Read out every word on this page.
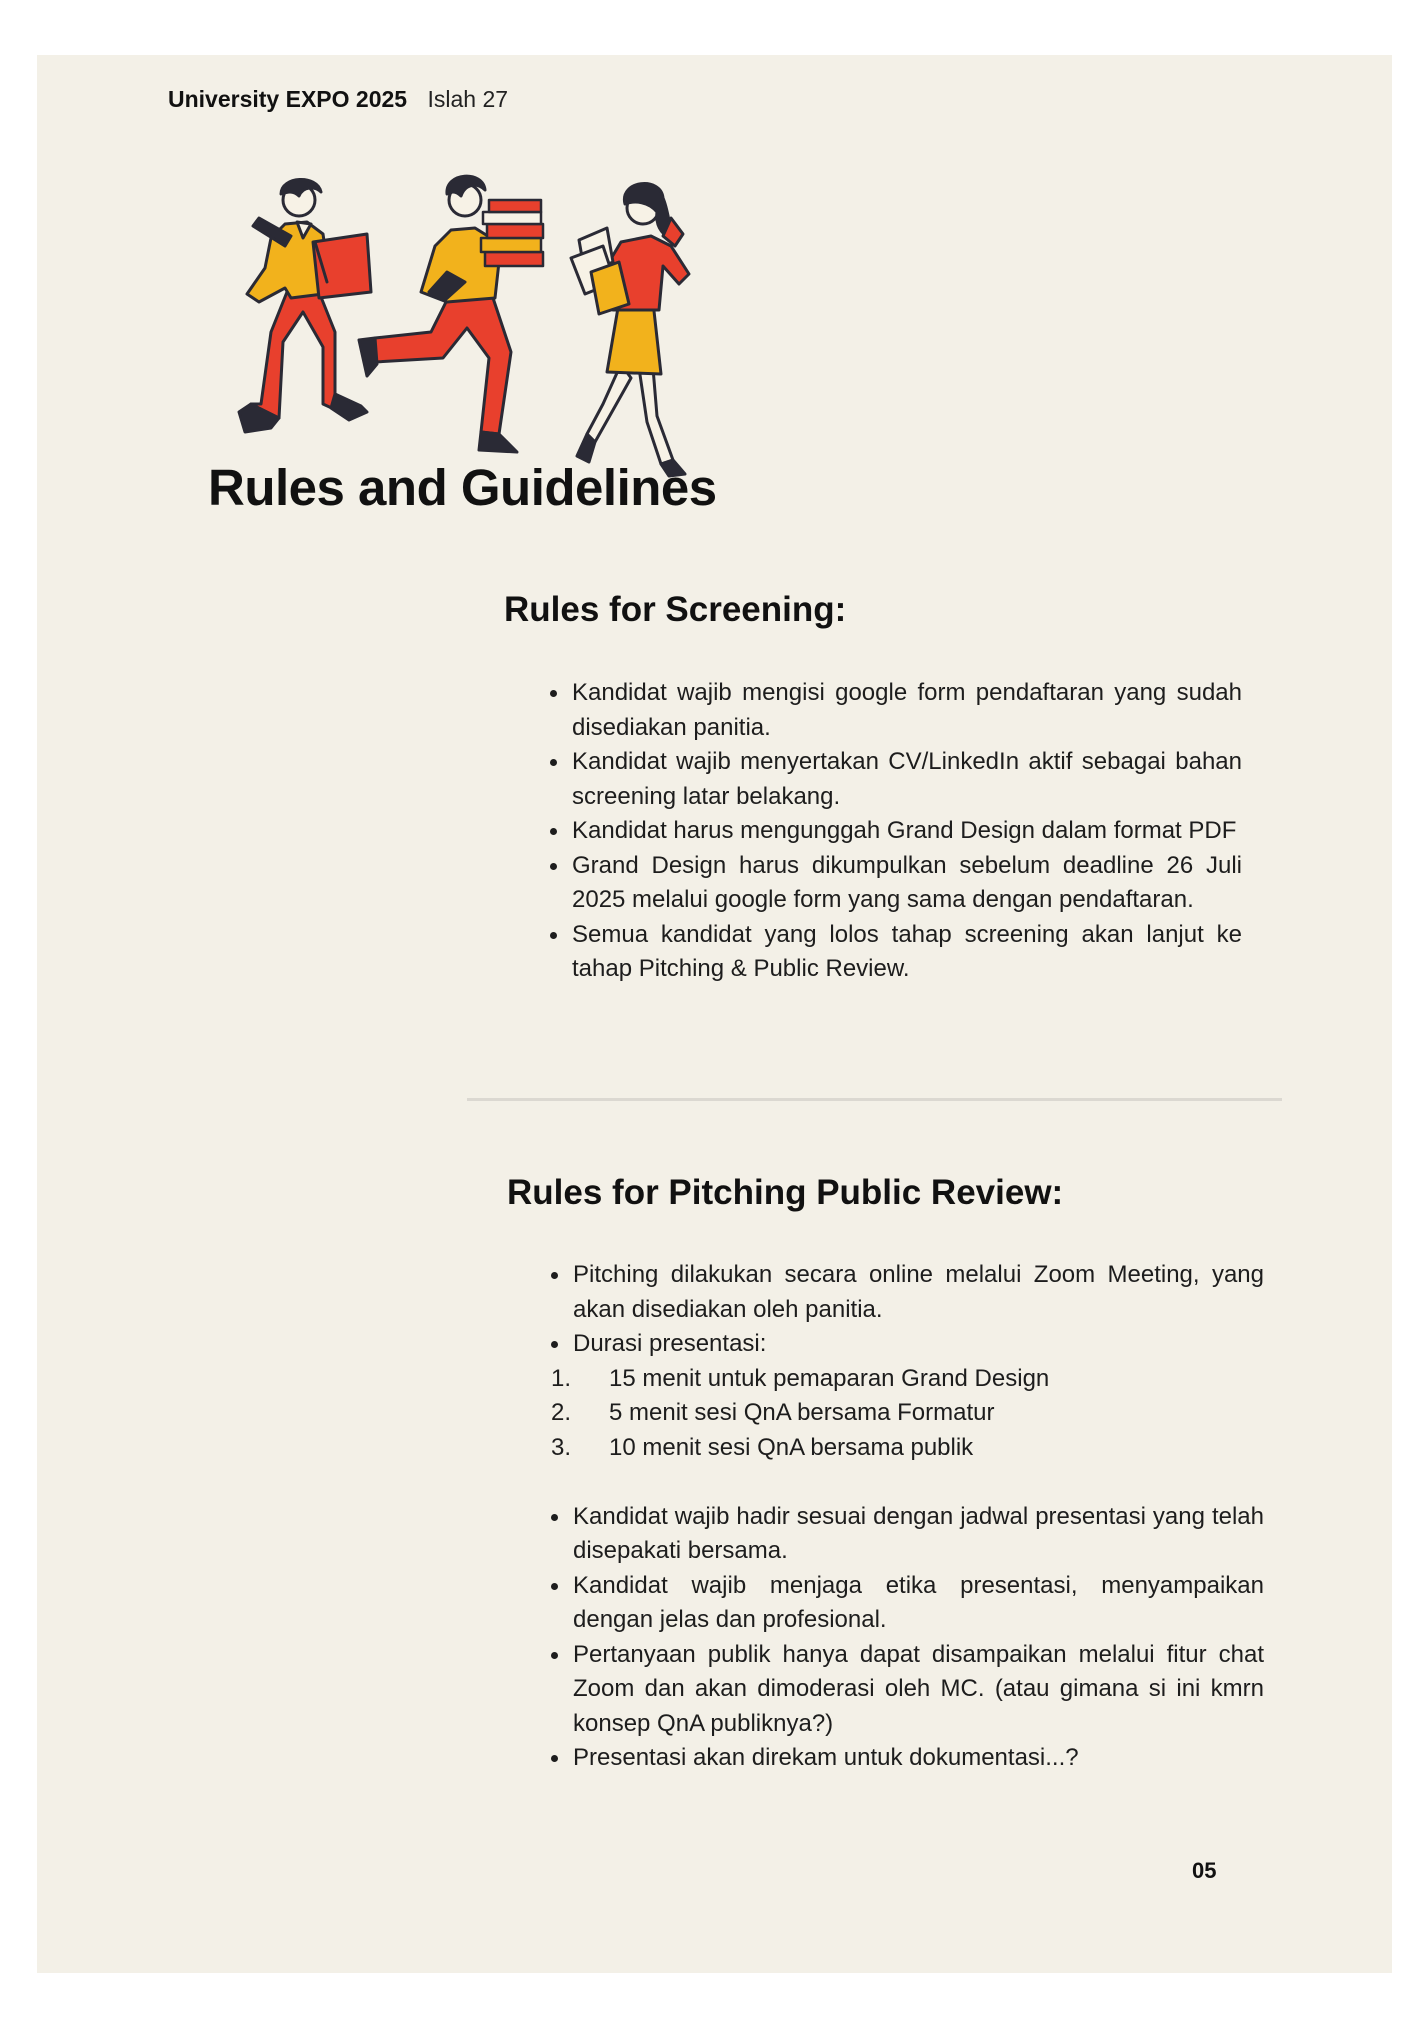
University EXPO 2025 Islah 27
Rules and Guidelines
Rules for Screening:
Kandidat wajib mengisi google form pendaftaran yang sudah disediakan panitia.
Kandidat wajib menyertakan CV/LinkedIn aktif sebagai bahan screening latar belakang.
Kandidat harus mengunggah Grand Design dalam format PDF
Grand Design harus dikumpulkan sebelum deadline 26 Juli 2025 melalui google form yang sama dengan pendaftaran.
Semua kandidat yang lolos tahap screening akan lanjut ke tahap Pitching & Public Review.
Rules for Pitching Public Review:
Pitching dilakukan secara online melalui Zoom Meeting, yang akan disediakan oleh panitia.
Durasi presentasi:
1. 15 menit untuk pemaparan Grand Design
2. 5 menit sesi QnA bersama Formatur
3. 10 menit sesi QnA bersama publik
Kandidat wajib hadir sesuai dengan jadwal presentasi yang telah disepakati bersama.
Kandidat wajib menjaga etika presentasi, menyampaikan dengan jelas dan profesional.
Pertanyaan publik hanya dapat disampaikan melalui fitur chat Zoom dan akan dimoderasi oleh MC. (atau gimana si ini kmrn konsep QnA publiknya?)
Presentasi akan direkam untuk dokumentasi...?
05
